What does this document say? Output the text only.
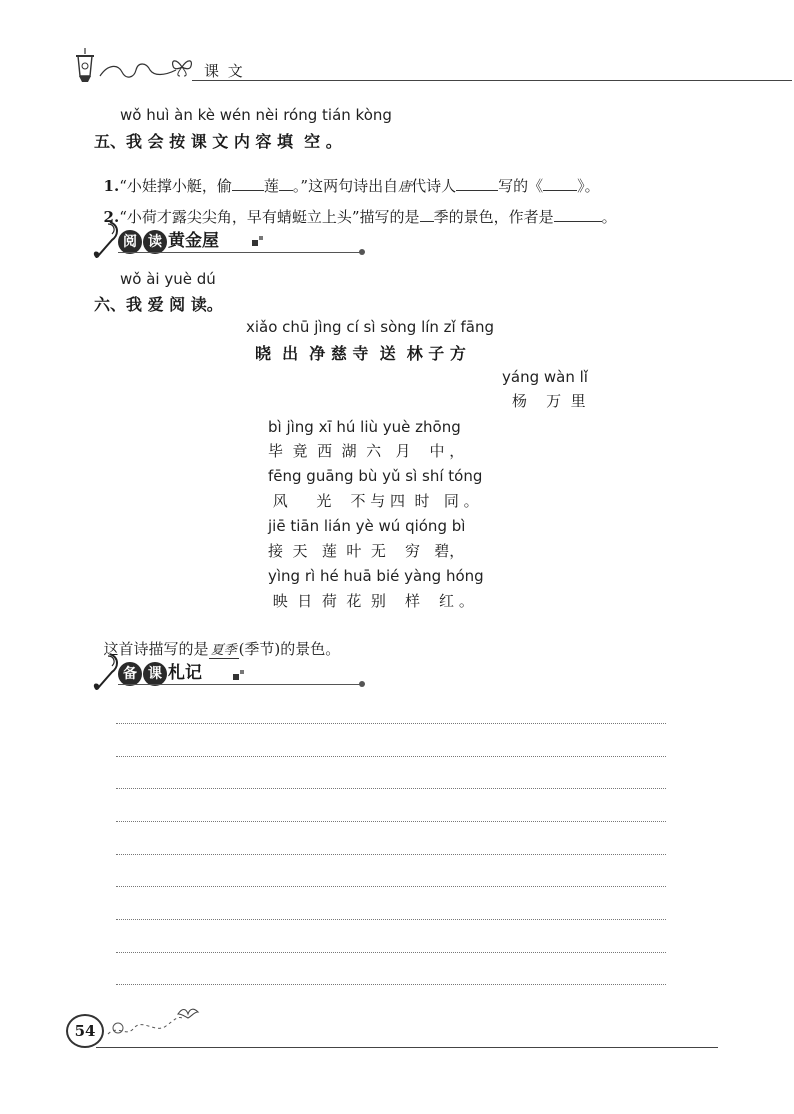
课 文
wǒ huì àn kè wén nèi róng tián kòng
五、我 会 按 课 文 内 容 填  空 。

1.“小娃撑小艇，偷 莲 。”这两句诗出自唐代诗人	写的《 》。

2.“小荷才露尖尖角，早有蜻蜓立上头”描写的是 季的景色，作者是	。

阅 读 黄金屋
wǒ ài yuè dú
六、我 爱 阅 读。
xiǎo chū jìng cí sì sòng lín zǐ fāng
晓  出  净 慈 寺  送  林 子 方
yáng wàn lǐ
杨    万  里
bì jìng xī hú liù yuè zhōng
毕  竟  西  湖  六   月    中 ，
fēng guāng bù yǔ sì shí tóng
风      光    不 与 四  时   同 。
jiē tiān lián yè wú qióng bì
接  天   莲  叶  无    穷   碧，
yìng rì hé huā bié yàng hóng
映  日  荷  花  别    样    红 。

这首诗描写的是 夏季 (季节)的景色。

备 课 札记
54
